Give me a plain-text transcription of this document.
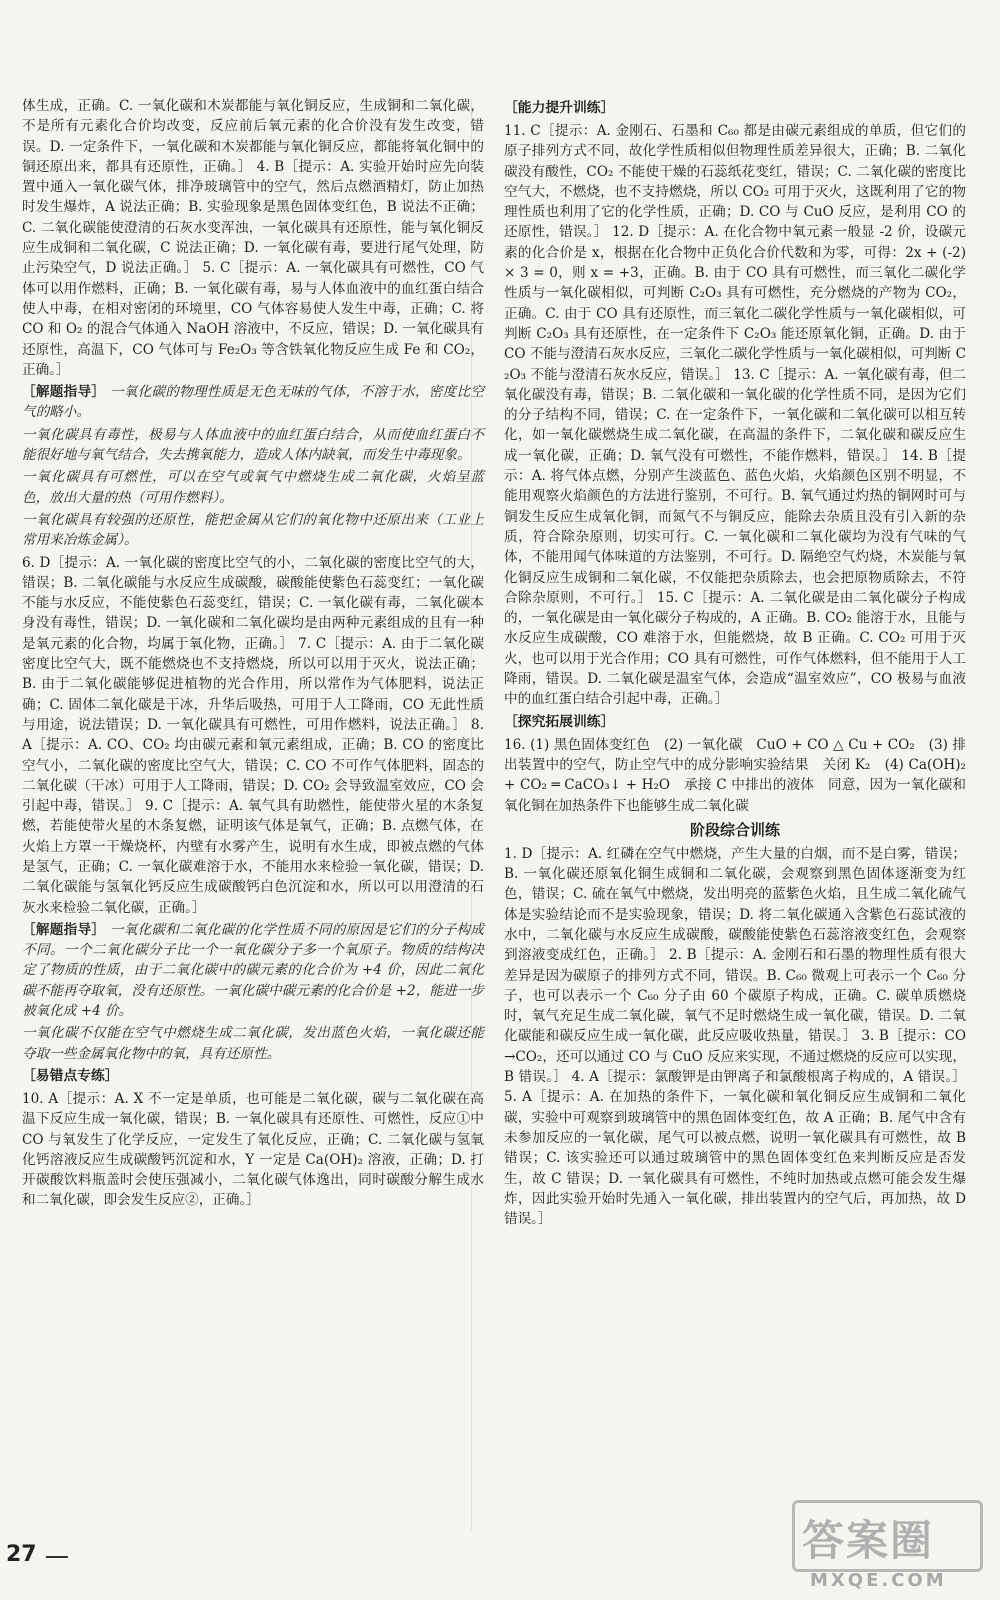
体生成，正确。C. 一氧化碳和木炭都能与氧化铜反应，生成铜和二氧化碳，不是所有元素化合价均改变，反应前后氧元素的化合价没有发生改变，错误。D. 一定条件下，一氧化碳和木炭都能与氧化铜反应，都能将氧化铜中的铜还原出来，都具有还原性，正确。］ 4. B［提示：A. 实验开始时应先向装置中通入一氧化碳气体，排净玻璃管中的空气，然后点燃酒精灯，防止加热时发生爆炸，A 说法正确；B. 实验现象是黑色固体变红色，B 说法不正确；C. 二氧化碳能使澄清的石灰水变浑浊，一氧化碳具有还原性，能与氧化铜反应生成铜和二氧化碳，C 说法正确；D. 一氧化碳有毒，要进行尾气处理，防止污染空气，D 说法正确。］ 5. C［提示：A. 一氧化碳具有可燃性，CO 气体可以用作燃料，正确；B. 一氧化碳有毒，易与人体血液中的血红蛋白结合使人中毒，在相对密闭的环境里，CO 气体容易使人发生中毒，正确；C. 将 CO 和 O₂ 的混合气体通入 NaOH 溶液中，不反应，错误；D. 一氧化碳具有还原性，高温下，CO 气体可与 Fe₂O₃ 等含铁氧化物反应生成 Fe 和 CO₂，正确。］

［解题指导］ 一氧化碳的物理性质是无色无味的气体，不溶于水，密度比空气的略小。

一氧化碳具有毒性，极易与人体血液中的血红蛋白结合，从而使血红蛋白不能很好地与氧气结合，失去携氧能力，造成人体内缺氧，而发生中毒现象。

一氧化碳具有可燃性，可以在空气或氧气中燃烧生成二氧化碳，火焰呈蓝色，放出大量的热（可用作燃料）。

一氧化碳具有较强的还原性，能把金属从它们的氧化物中还原出来（工业上常用来冶炼金属）。

6. D［提示：A. 一氧化碳的密度比空气的小，二氧化碳的密度比空气的大，错误；B. 二氧化碳能与水反应生成碳酸，碳酸能使紫色石蕊变红；一氧化碳不能与水反应，不能使紫色石蕊变红，错误；C. 一氧化碳有毒，二氧化碳本身没有毒性，错误；D. 一氧化碳和二氧化碳均是由两种元素组成的且有一种是氧元素的化合物，均属于氧化物，正确。］ 7. C［提示：A. 由于二氧化碳密度比空气大，既不能燃烧也不支持燃烧，所以可以用于灭火，说法正确；B. 由于二氧化碳能够促进植物的光合作用，所以常作为气体肥料，说法正确；C. 固体二氧化碳是干冰，升华后吸热，可用于人工降雨，CO 无此性质与用途，说法错误；D. 一氧化碳具有可燃性，可用作燃料，说法正确。］ 8. A［提示：A. CO、CO₂ 均由碳元素和氧元素组成，正确；B. CO 的密度比空气小，二氧化碳的密度比空气大，错误；C. CO 不可作气体肥料，固态的二氧化碳（干冰）可用于人工降雨，错误；D. CO₂ 会导致温室效应，CO 会引起中毒，错误。］ 9. C［提示：A. 氧气具有助燃性，能使带火星的木条复燃，若能使带火星的木条复燃，证明该气体是氧气，正确；B. 点燃气体，在火焰上方罩一干燥烧杯，内壁有水雾产生，说明有水生成，即被点燃的气体是氢气，正确；C. 一氧化碳难溶于水，不能用水来检验一氧化碳，错误；D. 二氧化碳能与氢氧化钙反应生成碳酸钙白色沉淀和水，所以可以用澄清的石灰水来检验二氧化碳，正确。］

［解题指导］ 一氧化碳和二氧化碳的化学性质不同的原因是它们的分子构成不同。一个二氧化碳分子比一个一氧化碳分子多一个氧原子。物质的结构决定了物质的性质，由于二氧化碳中的碳元素的化合价为 +4 价，因此二氧化碳不能再夺取氧，没有还原性。一氧化碳中碳元素的化合价是 +2，能进一步被氧化成 +4 价。

一氧化碳不仅能在空气中燃烧生成二氧化碳，发出蓝色火焰，一氧化碳还能夺取一些金属氧化物中的氧，具有还原性。

［易错点专练］

10. A［提示：A. X 不一定是单质，也可能是二氧化碳，碳与二氧化碳在高温下反应生成一氧化碳，错误；B. 一氧化碳具有还原性、可燃性，反应①中 CO 与氧发生了化学反应，一定发生了氧化反应，正确；C. 二氧化碳与氢氧化钙溶液反应生成碳酸钙沉淀和水，Y 一定是 Ca(OH)₂ 溶液，正确；D. 打开碳酸饮料瓶盖时会使压强减小，二氧化碳气体逸出，同时碳酸分解生成水和二氧化碳，即会发生反应②，正确。］

［能力提升训练］

11. C［提示：A. 金刚石、石墨和 C₆₀ 都是由碳元素组成的单质，但它们的原子排列方式不同，故化学性质相似但物理性质差异很大，正确；B. 二氧化碳没有酸性，CO₂ 不能使干燥的石蕊纸花变红，错误；C. 二氧化碳的密度比空气大，不燃烧，也不支持燃烧，所以 CO₂ 可用于灭火，这既利用了它的物理性质也利用了它的化学性质，正确；D. CO 与 CuO 反应，是利用 CO 的还原性，错误。］ 12. D［提示：A. 在化合物中氧元素一般显 -2 价，设碳元素的化合价是 x，根据在化合物中正负化合价代数和为零，可得：2x + (-2) × 3 = 0，则 x = +3，正确。B. 由于 CO 具有可燃性，而三氧化二碳化学性质与一氧化碳相似，可判断 C₂O₃ 具有可燃性，充分燃烧的产物为 CO₂，正确。C. 由于 CO 具有还原性，而三氧化二碳化学性质与一氧化碳相似，可判断 C₂O₃ 具有还原性，在一定条件下 C₂O₃ 能还原氧化铜，正确。D. 由于 CO 不能与澄清石灰水反应，三氧化二碳化学性质与一氧化碳相似，可判断 C₂O₃ 不能与澄清石灰水反应，错误。］ 13. C［提示：A. 一氧化碳有毒，但二氧化碳没有毒，错误；B. 二氧化碳和一氧化碳的化学性质不同，是因为它们的分子结构不同，错误；C. 在一定条件下，一氧化碳和二氧化碳可以相互转化，如一氧化碳燃烧生成二氧化碳，在高温的条件下，二氧化碳和碳反应生成一氧化碳，正确；D. 氧气没有可燃性，不能作燃料，错误。］ 14. B［提示：A. 将气体点燃，分别产生淡蓝色、蓝色火焰，火焰颜色区别不明显，不能用观察火焰颜色的方法进行鉴别，不可行。B. 氧气通过灼热的铜网时可与铜发生反应生成氧化铜，而氮气不与铜反应，能除去杂质且没有引入新的杂质，符合除杂原则，切实可行。C. 一氧化碳和二氧化碳均为没有气味的气体，不能用闻气体味道的方法鉴别，不可行。D. 隔绝空气灼烧，木炭能与氧化铜反应生成铜和二氧化碳，不仅能把杂质除去，也会把原物质除去，不符合除杂原则，不可行。］ 15. C［提示：A. 二氧化碳是由二氧化碳分子构成的，一氧化碳是由一氧化碳分子构成的，A 正确。B. CO₂ 能溶于水，且能与水反应生成碳酸，CO 难溶于水，但能燃烧，故 B 正确。C. CO₂ 可用于灭火，也可以用于光合作用；CO 具有可燃性，可作气体燃料，但不能用于人工降雨，错误。D. 二氧化碳是温室气体，会造成“温室效应”，CO 极易与血液中的血红蛋白结合引起中毒，正确。］

［探究拓展训练］

16. (1) 黑色固体变红色　(2) 一氧化碳　CuO + CO △ Cu + CO₂　(3) 排出装置中的空气，防止空气中的成分影响实验结果　关闭 K₂　(4) Ca(OH)₂ + CO₂ ═ CaCO₃↓ + H₂O　承接 C 中排出的液体　同意，因为一氧化碳和氧化铜在加热条件下也能够生成二氧化碳

阶段综合训练

1. D［提示：A. 红磷在空气中燃烧，产生大量的白烟，而不是白雾，错误；B. 一氧化碳还原氧化铜生成铜和二氧化碳，会观察到黑色固体逐渐变为红色，错误；C. 硫在氧气中燃烧，发出明亮的蓝紫色火焰，且生成二氧化硫气体是实验结论而不是实验现象，错误；D. 将二氧化碳通入含紫色石蕊试液的水中，二氧化碳与水反应生成碳酸，碳酸能使紫色石蕊溶液变红色，会观察到溶液变成红色，正确。］ 2. B［提示：A. 金刚石和石墨的物理性质有很大差异是因为碳原子的排列方式不同，错误。B. C₆₀ 微观上可表示一个 C₆₀ 分子，也可以表示一个 C₆₀ 分子由 60 个碳原子构成，正确。C. 碳单质燃烧时，氧气充足生成二氧化碳，氧气不足时燃烧生成一氧化碳，错误。D. 二氧化碳能和碳反应生成一氧化碳，此反应吸收热量，错误。］ 3. B［提示：CO→CO₂，还可以通过 CO 与 CuO 反应来实现，不通过燃烧的反应可以实现，B 错误。］ 4. A［提示：氯酸钾是由钾离子和氯酸根离子构成的，A 错误。］ 5. A［提示：A. 在加热的条件下，一氧化碳和氧化铜反应生成铜和二氧化碳，实验中可观察到玻璃管中的黑色固体变红色，故 A 正确；B. 尾气中含有未参加反应的一氧化碳，尾气可以被点燃，说明一氧化碳具有可燃性，故 B 错误；C. 该实验还可以通过玻璃管中的黑色固体变红色来判断反应是否发生，故 C 错误；D. 一氧化碳具有可燃性，不纯时加热或点燃可能会发生爆炸，因此实验开始时先通入一氧化碳，排出装置内的空气后，再加热，故 D 错误。］

27	答案圈
MXQE.COM
